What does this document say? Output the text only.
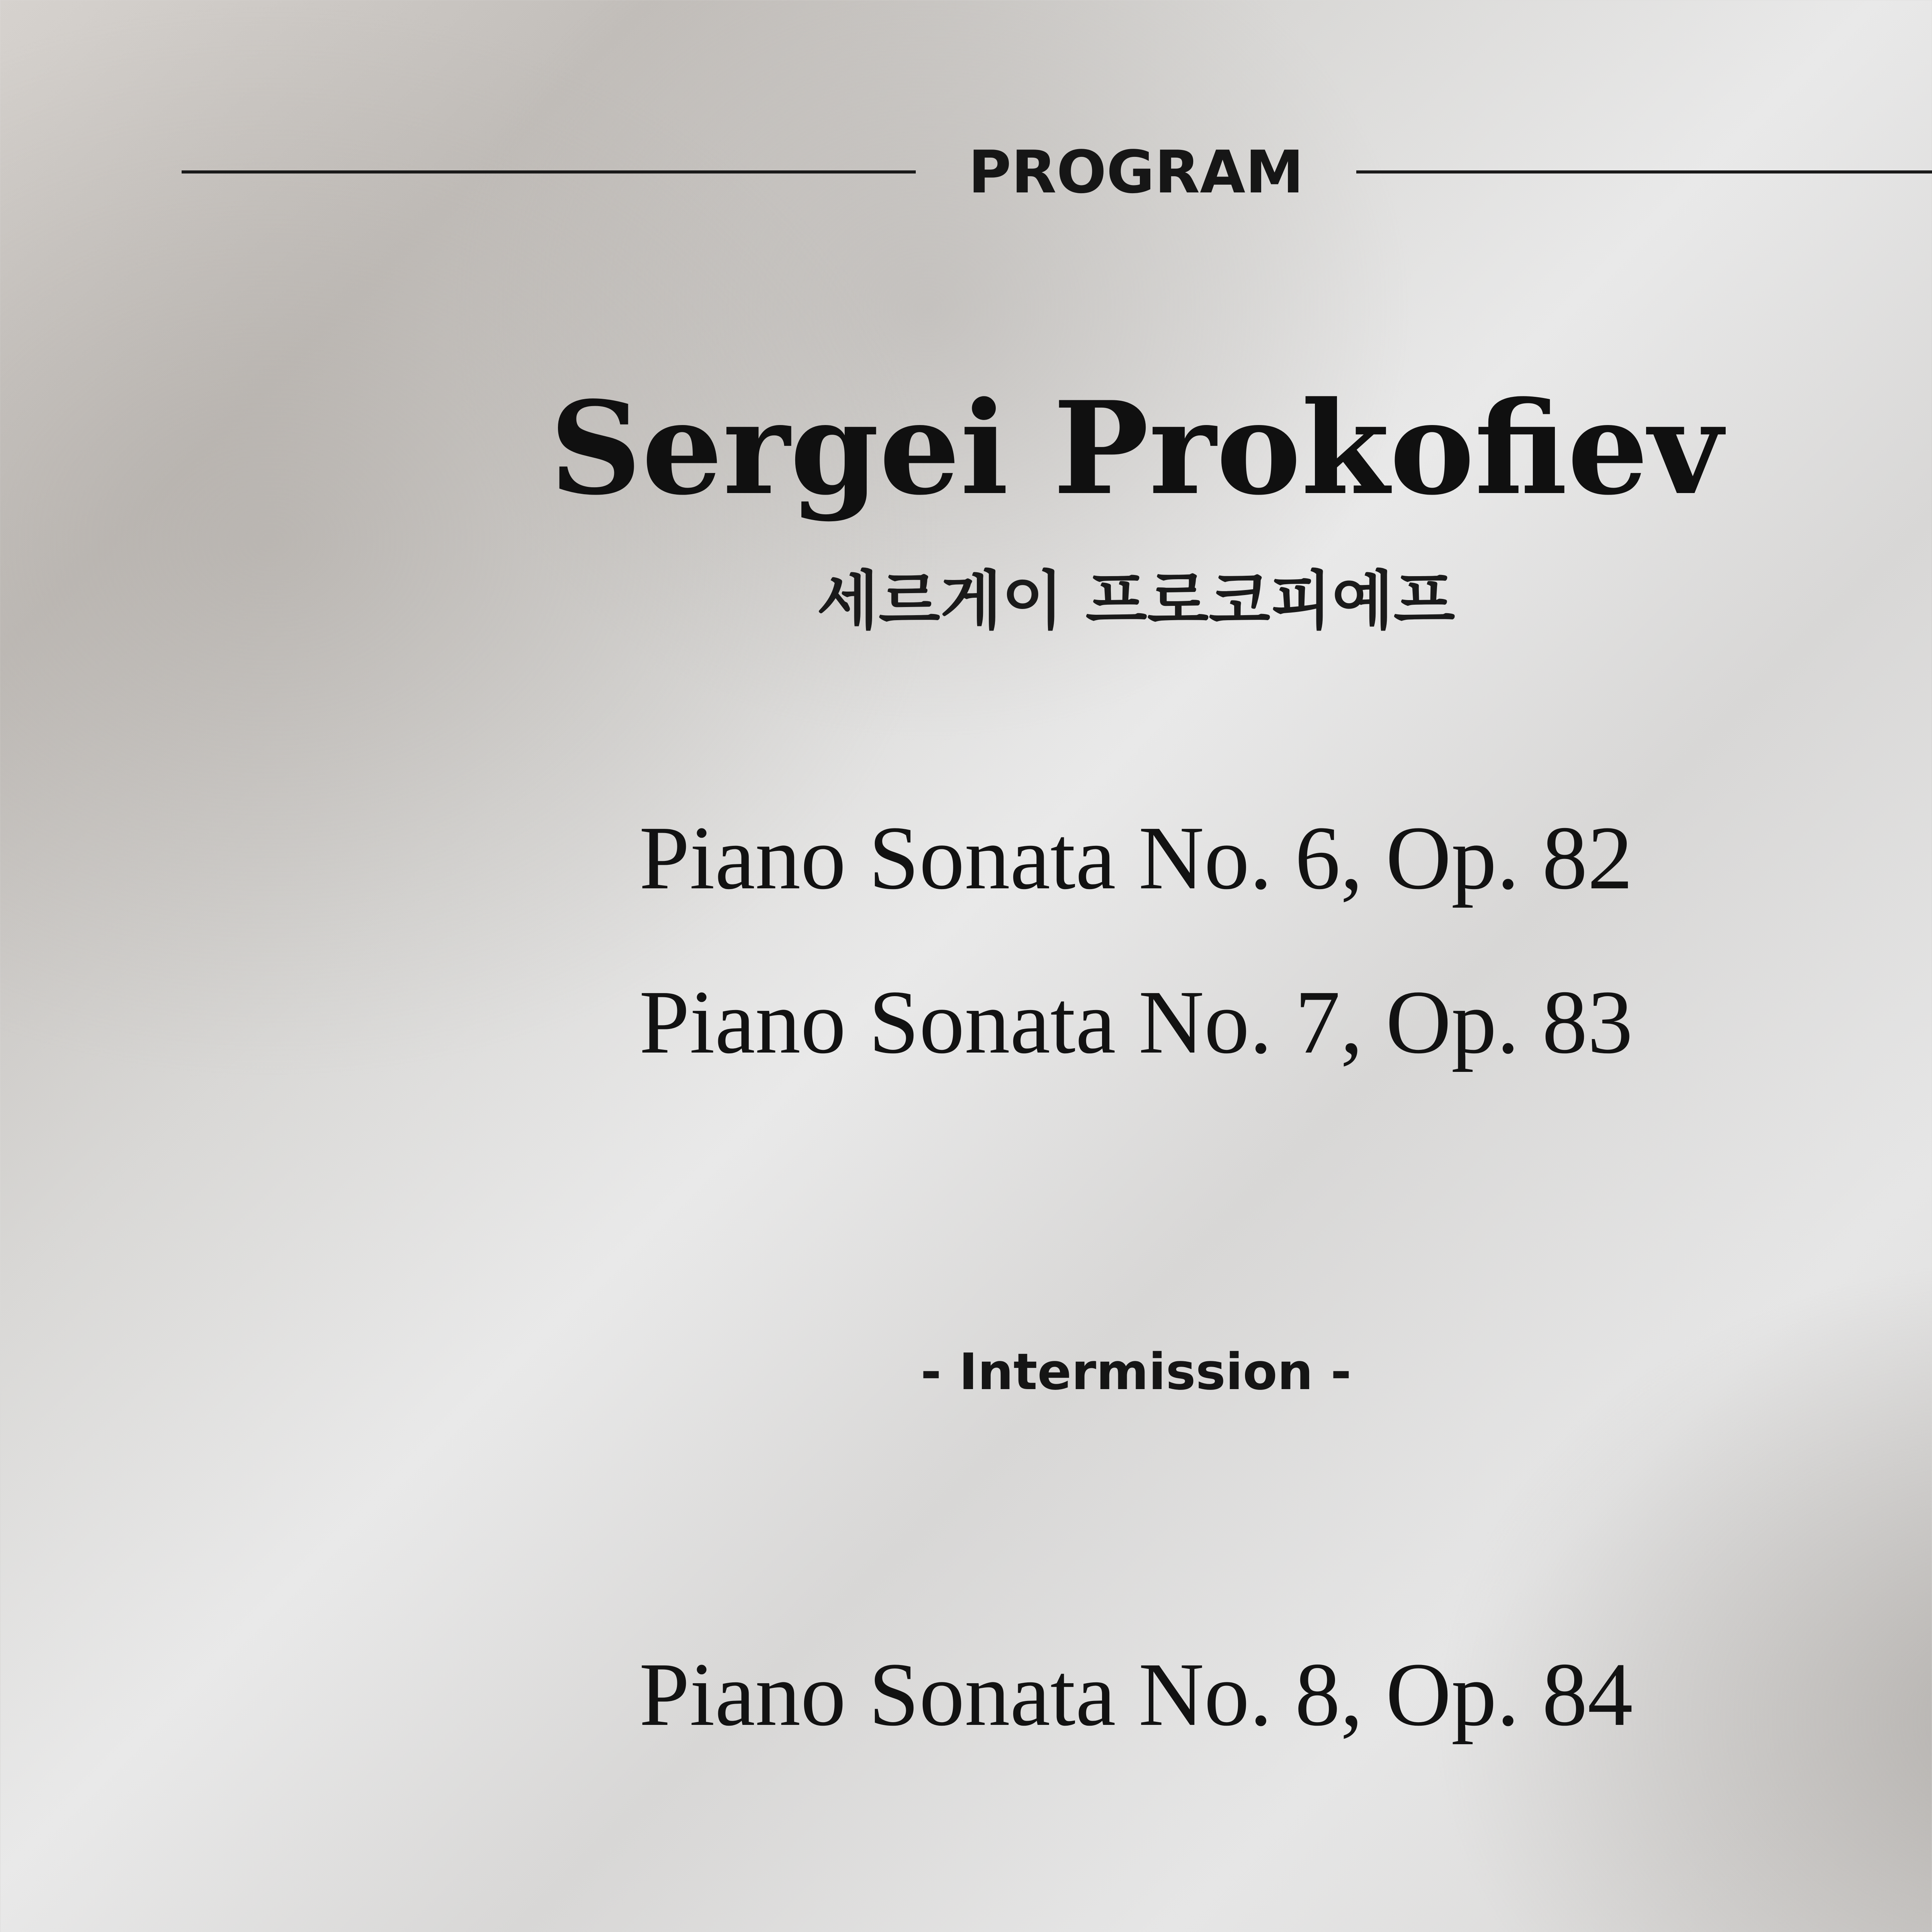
PROGRAM
Sergei Prokofiev
세르게이 프로코피예프
Piano Sonata No. 6, Op. 82
Piano Sonata No. 7, Op. 83
- Intermission -
Piano Sonata No. 8, Op. 84
